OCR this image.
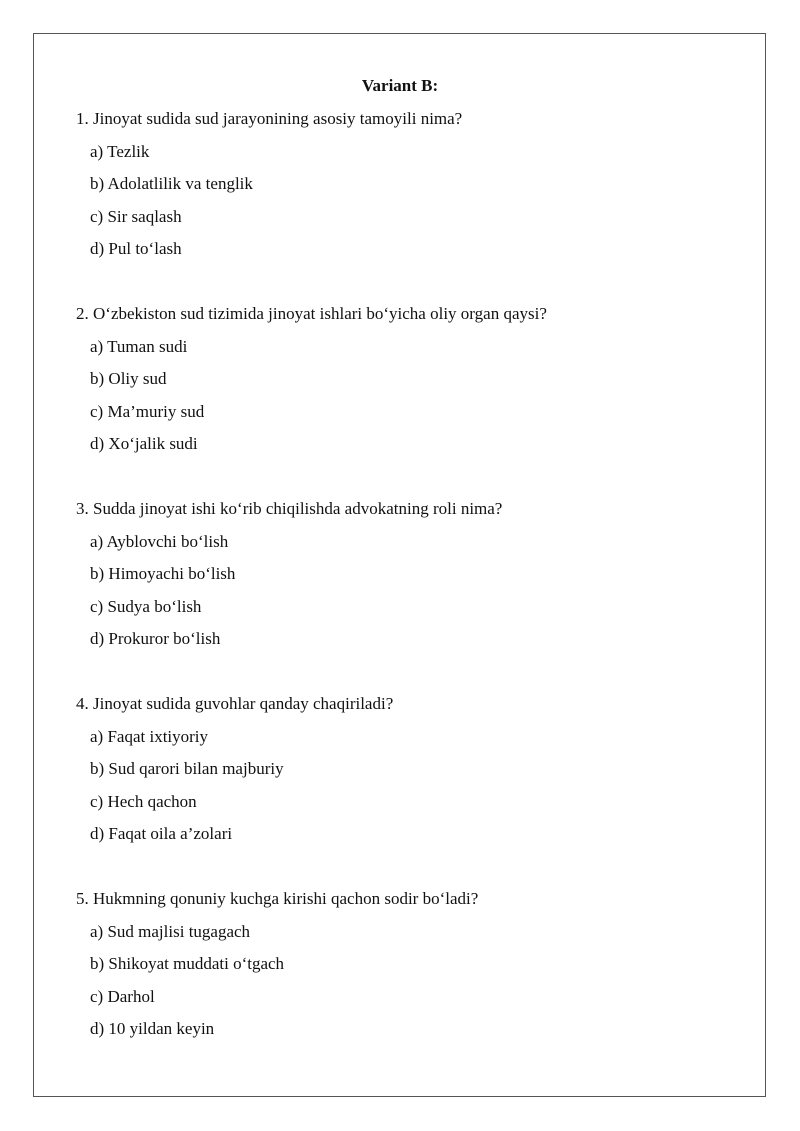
Variant B:
1. Jinoyat sudida sud jarayonining asosiy tamoyili nima?
a) Tezlik
b) Adolatlilik va tenglik
c) Sir saqlash
d) Pul to‘lash
2. O‘zbekiston sud tizimida jinoyat ishlari bo‘yicha oliy organ qaysi?
a) Tuman sudi
b) Oliy sud
c) Ma’muriy sud
d) Xo‘jalik sudi
3. Sudda jinoyat ishi ko‘rib chiqilishda advokatning roli nima?
a) Ayblovchi bo‘lish
b) Himoyachi bo‘lish
c) Sudya bo‘lish
d) Prokuror bo‘lish
4. Jinoyat sudida guvohlar qanday chaqiriladi?
a) Faqat ixtiyoriy
b) Sud qarori bilan majburiy
c) Hech qachon
d) Faqat oila a’zolari
5. Hukmning qonuniy kuchga kirishi qachon sodir bo‘ladi?
a) Sud majlisi tugagach
b) Shikoyat muddati o‘tgach
c) Darhol
d) 10 yildan keyin
